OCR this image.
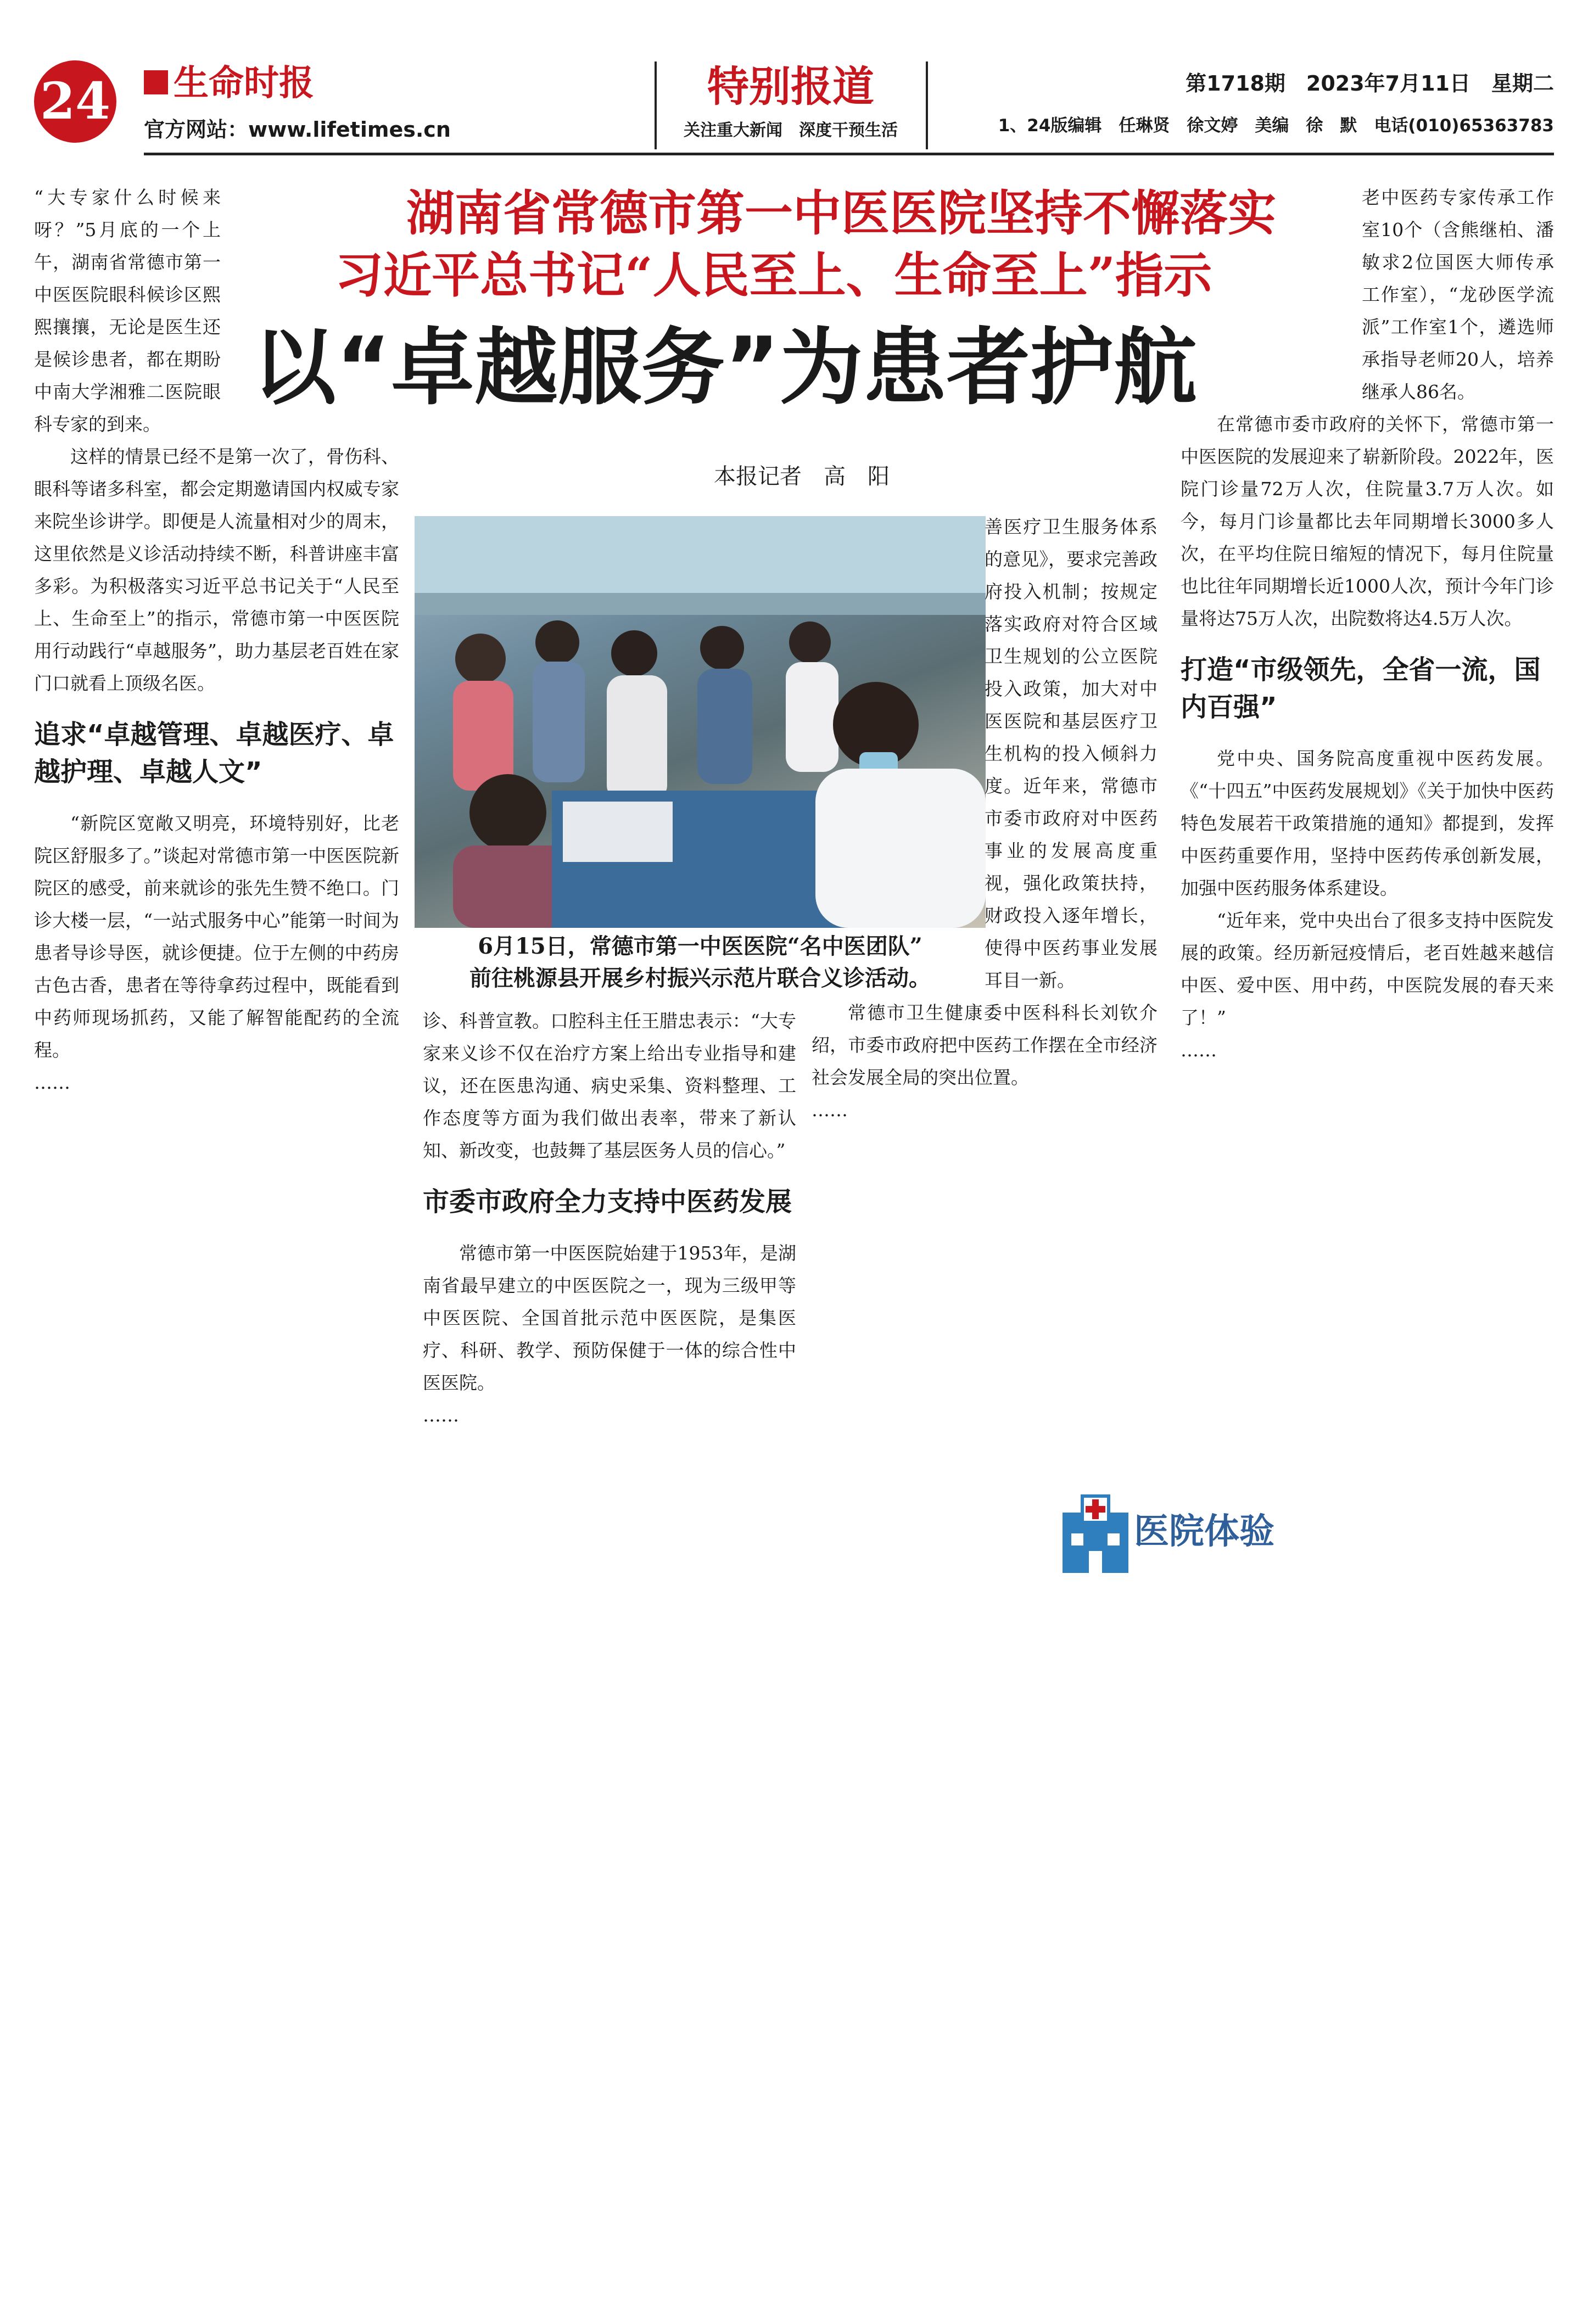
24 生命时报
官方网站：www.lifetimes.cn
特别报道
关注重大新闻　深度干预生活
第1718期　2023年7月11日　星期二
1、24版编辑　任琳贤　徐文婷　美编　徐　默　电话(010)65363783
湖南省常德市第一中医医院坚持不懈落实
习近平总书记“人民至上、生命至上”指示
以“卓越服务”为患者护航
本报记者　高　阳
6月15日，常德市第一中医医院“名中医团队”
前往桃源县开展乡村振兴示范片联合义诊活动。

“大专家什么时候来呀？”5月底的一个上午，湖南省常德市第一中医医院眼科候诊区熙熙攘攘，无论是医生还是候诊患者，都在期盼中南大学湘雅二医院眼科专家的到来。

这样的情景已经不是第一次了，骨伤科、眼科等诸多科室，都会定期邀请国内权威专家来院坐诊讲学。即便是人流量相对少的周末，这里依然是义诊活动持续不断，科普讲座丰富多彩。为积极落实习近平总书记关于“人民至上、生命至上”的指示，常德市第一中医医院用行动践行“卓越服务”，助力基层老百姓在家门口就看上顶级名医。

追求“卓越管理、卓越医疗、卓越护理、卓越人文”

“新院区宽敞又明亮，环境特别好，比老院区舒服多了。”谈起对常德市第一中医医院新院区的感受，前来就诊的张先生赞不绝口。门诊大楼一层，“一站式服务中心”能第一时间为患者导诊导医，就诊便捷。位于左侧的中药房古色古香，患者在等待拿药过程中，既能看到中药师现场抓药，又能了解智能配药的全流程。

……

诊、科普宣教。口腔科主任王腊忠表示：“大专家来义诊不仅在治疗方案上给出专业指导和建议，还在医患沟通、病史采集、资料整理、工作态度等方面为我们做出表率，带来了新认知、新改变，也鼓舞了基层医务人员的信心。”

市委市政府全力支持中医药发展

常德市第一中医医院始建于1953年，是湖南省最早建立的中医医院之一，现为三级甲等中医医院、全国首批示范中医医院，是集医疗、科研、教学、预防保健于一体的综合性中医医院。

……

善医疗卫生服务体系的意见》，要求完善政府投入机制；按规定落实政府对符合区域卫生规划的公立医院投入政策，加大对中医医院和基层医疗卫生机构的投入倾斜力度。近年来，常德市市委市政府对中医药事业的发展高度重视，强化政策扶持，财政投入逐年增长，使得中医药事业发展耳目一新。

常德市卫生健康委中医科科长刘钦介绍，市委市政府把中医药工作摆在全市经济社会发展全局的突出位置。

……

医院体验

老中医药专家传承工作室10个（含熊继柏、潘敏求2位国医大师传承工作室），“龙砂医学流派”工作室1个，遴选师承指导老师20人，培养继承人86名。

在常德市委市政府的关怀下，常德市第一中医医院的发展迎来了崭新阶段。2022年，医院门诊量72万人次，住院量3.7万人次。如今，每月门诊量都比去年同期增长3000多人次，在平均住院日缩短的情况下，每月住院量也比往年同期增长近1000人次，预计今年门诊量将达75万人次，出院数将达4.5万人次。

打造“市级领先，全省一流，国内百强”

党中央、国务院高度重视中医药发展。《“十四五”中医药发展规划》《关于加快中医药特色发展若干政策措施的通知》都提到，发挥中医药重要作用，坚持中医药传承创新发展，加强中医药服务体系建设。

“近年来，党中央出台了很多支持中医院发展的政策。经历新冠疫情后，老百姓越来越信中医、爱中医、用中药，中医院发展的春天来了！”

……
